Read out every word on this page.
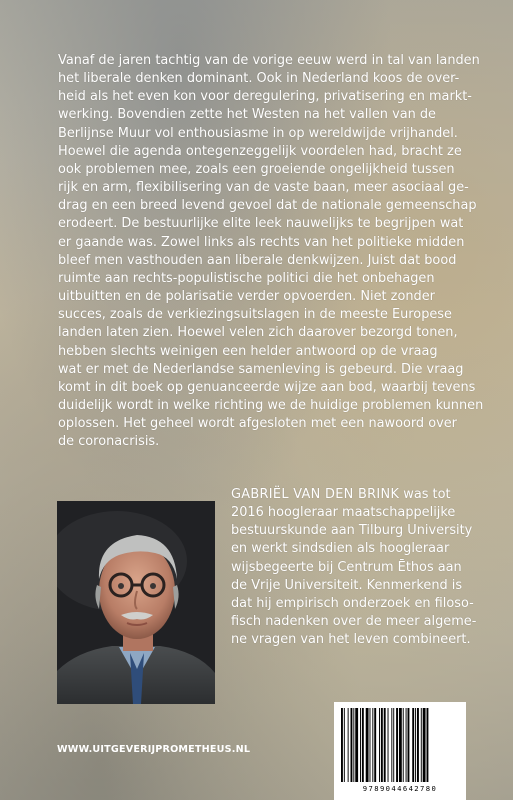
Vanaf de jaren tachtig van de vorige eeuw werd in tal van landen
het liberale denken dominant. Ook in Nederland koos de over-
heid als het even kon voor deregulering, privatisering en markt-
werking. Bovendien zette het Westen na het vallen van de
Berlijnse Muur vol enthousiasme in op wereldwijde vrijhandel.
Hoewel die agenda ontegenzeggelijk voordelen had, bracht ze
ook problemen mee, zoals een groeiende ongelijkheid tussen
rijk en arm, flexibilisering van de vaste baan, meer asociaal ge-
drag en een breed levend gevoel dat de nationale gemeenschap
erodeert. De bestuurlijke elite leek nauwelijks te begrijpen wat
er gaande was. Zowel links als rechts van het politieke midden
bleef men vasthouden aan liberale denkwijzen. Juist dat bood
ruimte aan rechts-populistische politici die het onbehagen
uitbuitten en de polarisatie verder opvoerden. Niet zonder
succes, zoals de verkiezingsuitslagen in de meeste Europese
landen laten zien. Hoewel velen zich daarover bezorgd tonen,
hebben slechts weinigen een helder antwoord op de vraag
wat er met de Nederlandse samenleving is gebeurd. Die vraag
komt in dit boek op genuanceerde wijze aan bod, waarbij tevens
duidelijk wordt in welke richting we de huidige problemen kunnen
oplossen. Het geheel wordt afgesloten met een nawoord over
de coronacrisis.
GABRIËL VAN DEN BRINK was tot
2016 hoogleraar maatschappelijke
bestuurskunde aan Tilburg University
en werkt sindsdien als hoogleraar
wijsbegeerte bij Centrum Ēthos aan
de Vrije Universiteit. Kenmerkend is
dat hij empirisch onderzoek en filoso-
fisch nadenken over de meer algeme-
ne vragen van het leven combineert.
WWW.UITGEVERIJPROMETHEUS.NL
9789044642780
